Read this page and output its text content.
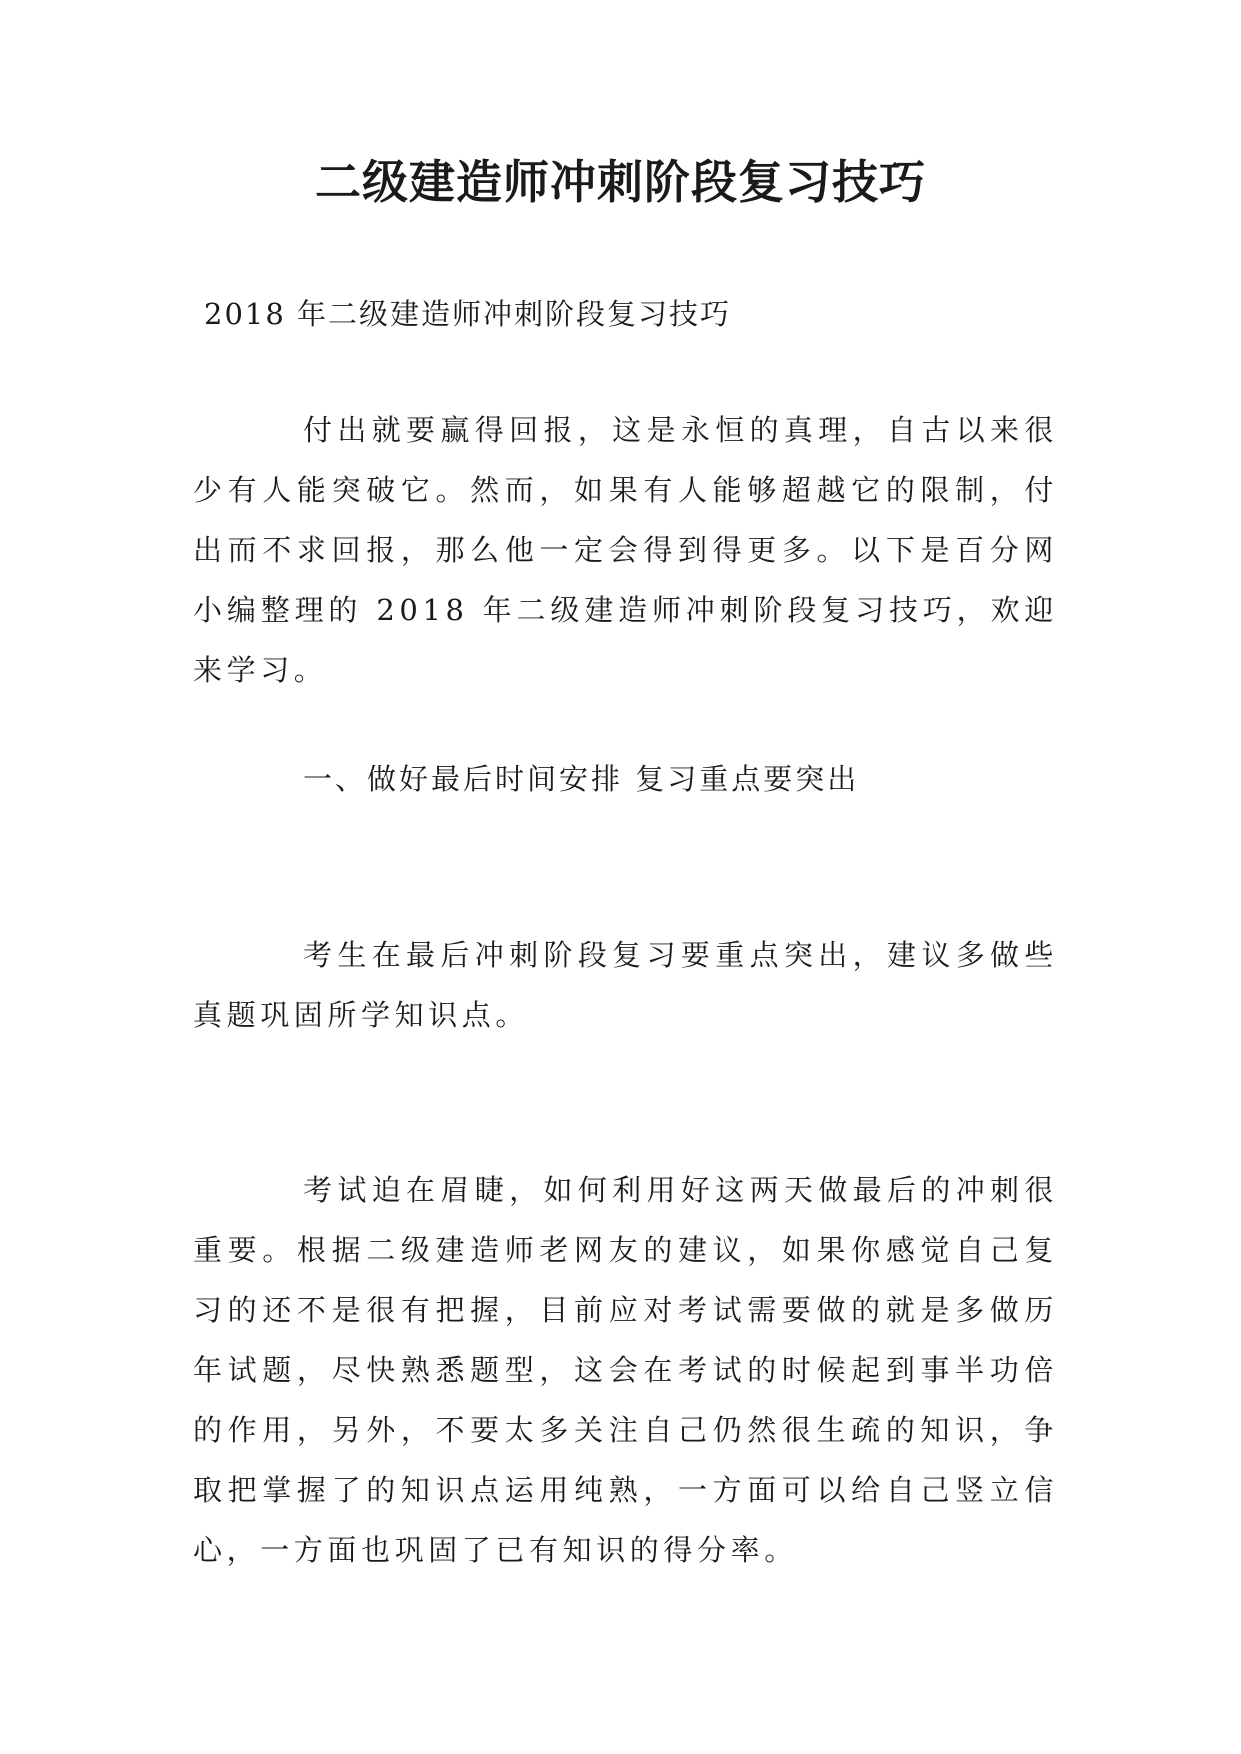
二级建造师冲刺阶段复习技巧

2018 年二级建造师冲刺阶段复习技巧

付出就要赢得回报，这是永恒的真理，自古以来很少有人能突破它。然而，如果有人能够超越它的限制，付出而不求回报，那么他一定会得到得更多。以下是百分网小编整理的 2018 年二级建造师冲刺阶段复习技巧，欢迎来学习。

一、做好最后时间安排 复习重点要突出

考生在最后冲刺阶段复习要重点突出，建议多做些真题巩固所学知识点。

考试迫在眉睫，如何利用好这两天做最后的冲刺很重要。根据二级建造师老网友的建议，如果你感觉自己复习的还不是很有把握，目前应对考试需要做的就是多做历年试题，尽快熟悉题型，这会在考试的时候起到事半功倍的作用，另外，不要太多关注自己仍然很生疏的知识，争取把掌握了的知识点运用纯熟，一方面可以给自己竖立信心，一方面也巩固了已有知识的得分率。
